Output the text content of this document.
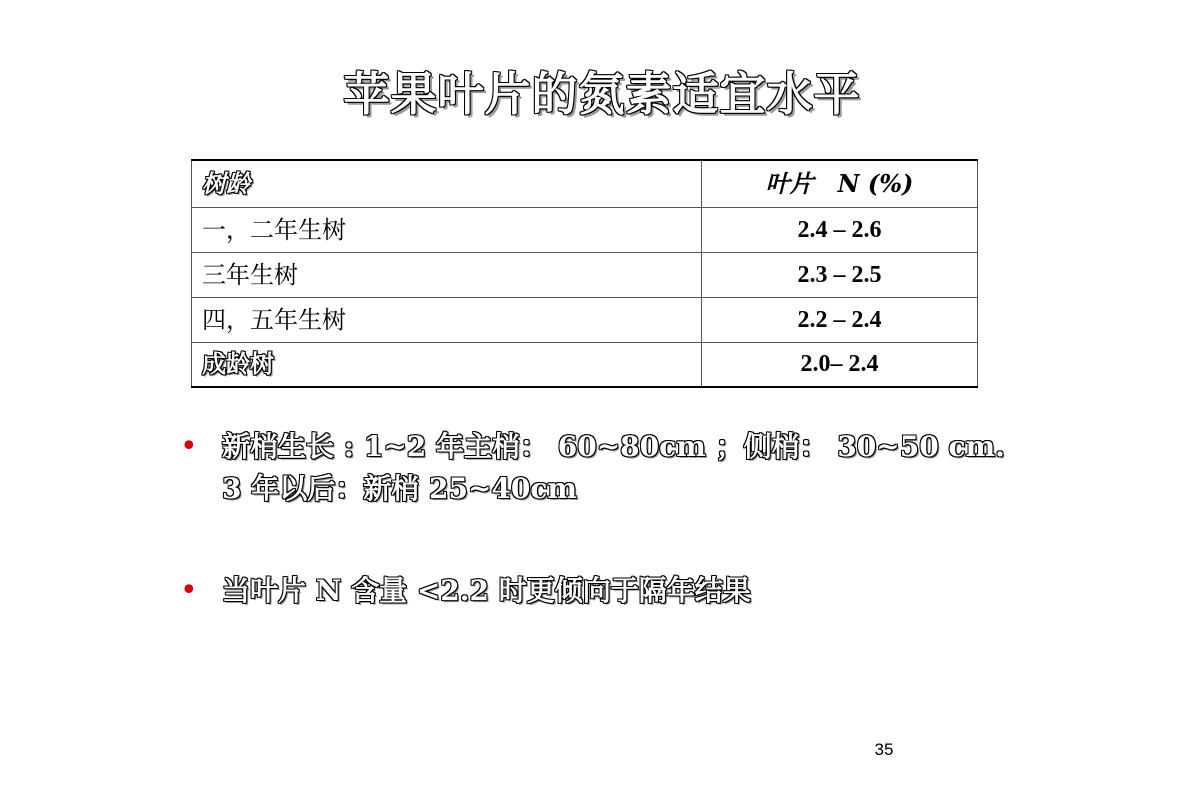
苹果叶片的氮素适宜水平
树龄	叶片　N (%)
一，二年生树	2.4 – 2.6
三年生树	2.3 – 2.5
四，五年生树	2.2 – 2.4
成龄树	2.0– 2.4
• 新梢生长 : 1~2 年主梢： 60~80cm ；侧梢： 30~50 cm.
3 年以后：新梢 25~40cm
• 当叶片 N 含量 <2.2 时更倾向于隔年结果
35
